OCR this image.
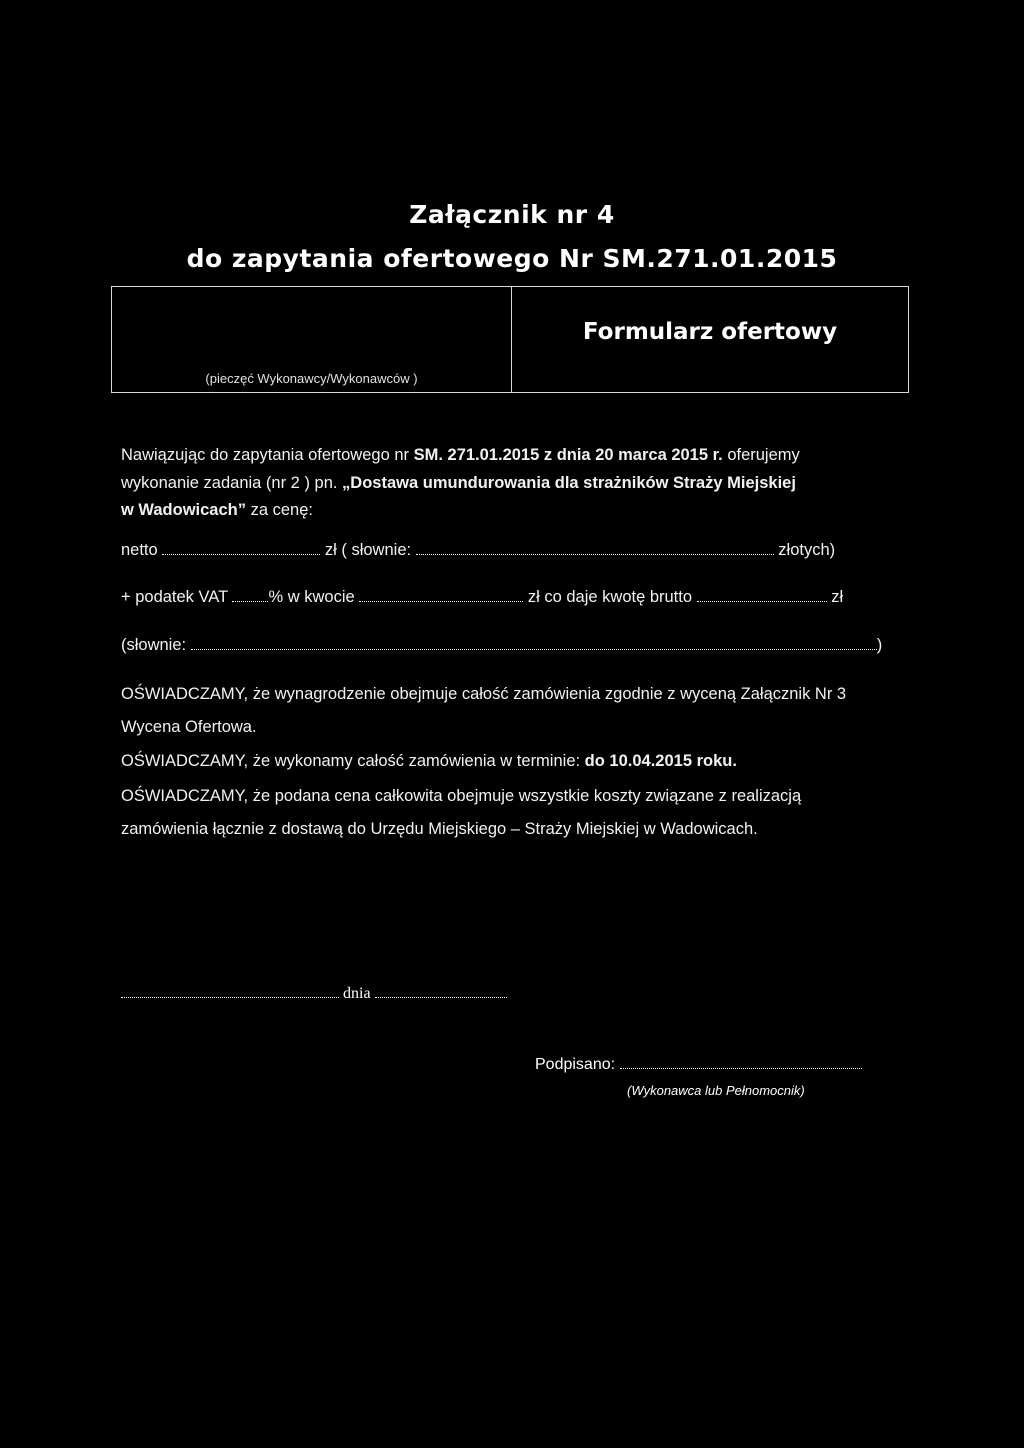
Załącznik nr 4
do zapytania ofertowego Nr SM.271.01.2015
(pieczęć Wykonawcy/Wykonawców )
Formularz ofertowy
Nawiązując do zapytania ofertowego nr SM. 271.01.2015 z dnia 20 marca 2015 r. oferujemy
wykonanie zadania (nr 2 ) pn. „Dostawa umundurowania dla strażników Straży Miejskiej
w Wadowicach” za cenę:
netto	zł ( słownie:	złotych)
+ podatek VAT % w kwocie	zł co daje kwotę brutto	zł
(słownie:	)
OŚWIADCZAMY, że wynagrodzenie obejmuje całość zamówienia zgodnie z wyceną Załącznik Nr 3
Wycena Ofertowa.
OŚWIADCZAMY, że wykonamy całość zamówienia w terminie: do 10.04.2015 roku.
OŚWIADCZAMY, że podana cena całkowita obejmuje wszystkie koszty związane z realizacją
zamówienia łącznie z dostawą do Urzędu Miejskiego – Straży Miejskiej w Wadowicach.
dnia
Podpisano:
(Wykonawca lub Pełnomocnik)
